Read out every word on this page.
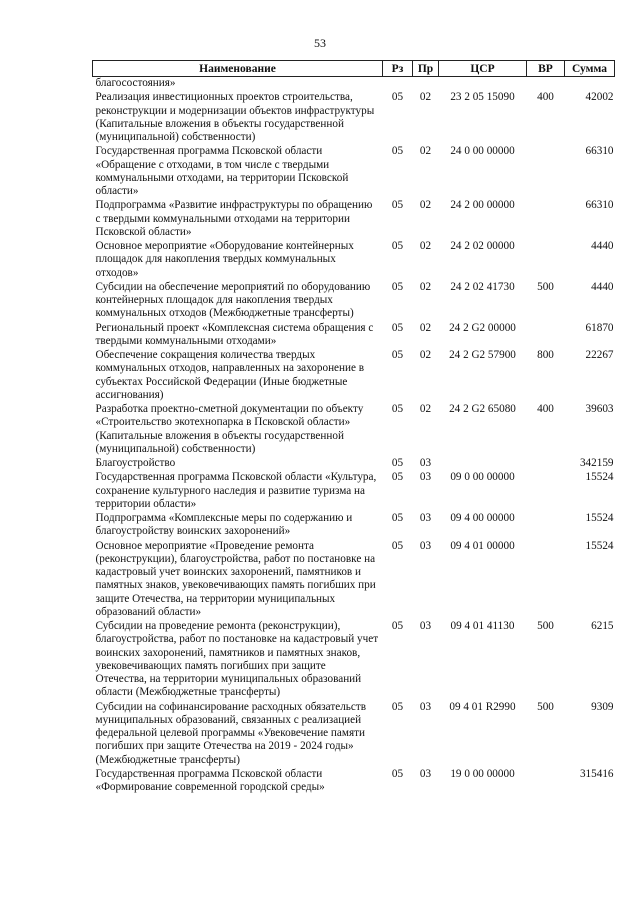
53
Наименование	Рз	Пр	ЦСР	ВР	Сумма
благосостояния»					
Реализация инвестиционных проектов строительства, реконструкции и модернизации объектов инфраструктуры (Капитальные вложения в объекты государственной (муниципальной) собственности)	05	02	23 2 05 15090	400	42002
Государственная программа Псковской области «Обращение с отходами, в том числе с твердыми коммунальными отходами, на территории Псковской области»	05	02	24 0 00 00000		66310
Подпрограмма «Развитие инфраструктуры по обращению с твердыми коммунальными отходами на территории Псковской области»	05	02	24 2 00 00000		66310
Основное мероприятие «Оборудование контейнерных площадок для накопления твердых коммунальных отходов»	05	02	24 2 02 00000		4440
Субсидии на обеспечение мероприятий по оборудованию контейнерных площадок для накопления твердых коммунальных отходов (Межбюджетные трансферты)	05	02	24 2 02 41730	500	4440
Региональный проект «Комплексная система обращения с твердыми коммунальными отходами»	05	02	24 2 G2 00000		61870
Обеспечение сокращения количества твердых коммунальных отходов, направленных на захоронение в субъектах Российской Федерации (Иные бюджетные ассигнования)	05	02	24 2 G2 57900	800	22267
Разработка проектно-сметной документации по объекту «Строительство экотехнопарка в Псковской области» (Капитальные вложения в объекты государственной (муниципальной) собственности)	05	02	24 2 G2 65080	400	39603
Благоустройство	05	03			342159
Государственная программа Псковской области «Культура, сохранение культурного наследия и развитие туризма на территории области»	05	03	09 0 00 00000		15524
Подпрограмма «Комплексные меры по содержанию и благоустройству воинских захоронений»	05	03	09 4 00 00000		15524
Основное мероприятие «Проведение ремонта (реконструкции), благоустройства, работ по постановке на кадастровый учет воинских захоронений, памятников и памятных знаков, увековечивающих память погибших при защите Отечества, на территории муниципальных образований области»	05	03	09 4 01 00000		15524
Субсидии на проведение ремонта (реконструкции), благоустройства, работ по постановке на кадастровый учет воинских захоронений, памятников и памятных знаков, увековечивающих память погибших при защите Отечества, на территории муниципальных образований области (Межбюджетные трансферты)	05	03	09 4 01 41130	500	6215
Субсидии на софинансирование расходных обязательств муниципальных образований, связанных с реализацией федеральной целевой программы «Увековечение памяти погибших при защите Отечества на 2019 - 2024 годы» (Межбюджетные трансферты)	05	03	09 4 01 R2990	500	9309
Государственная программа Псковской области «Формирование современной городской среды»	05	03	19 0 00 00000		315416
